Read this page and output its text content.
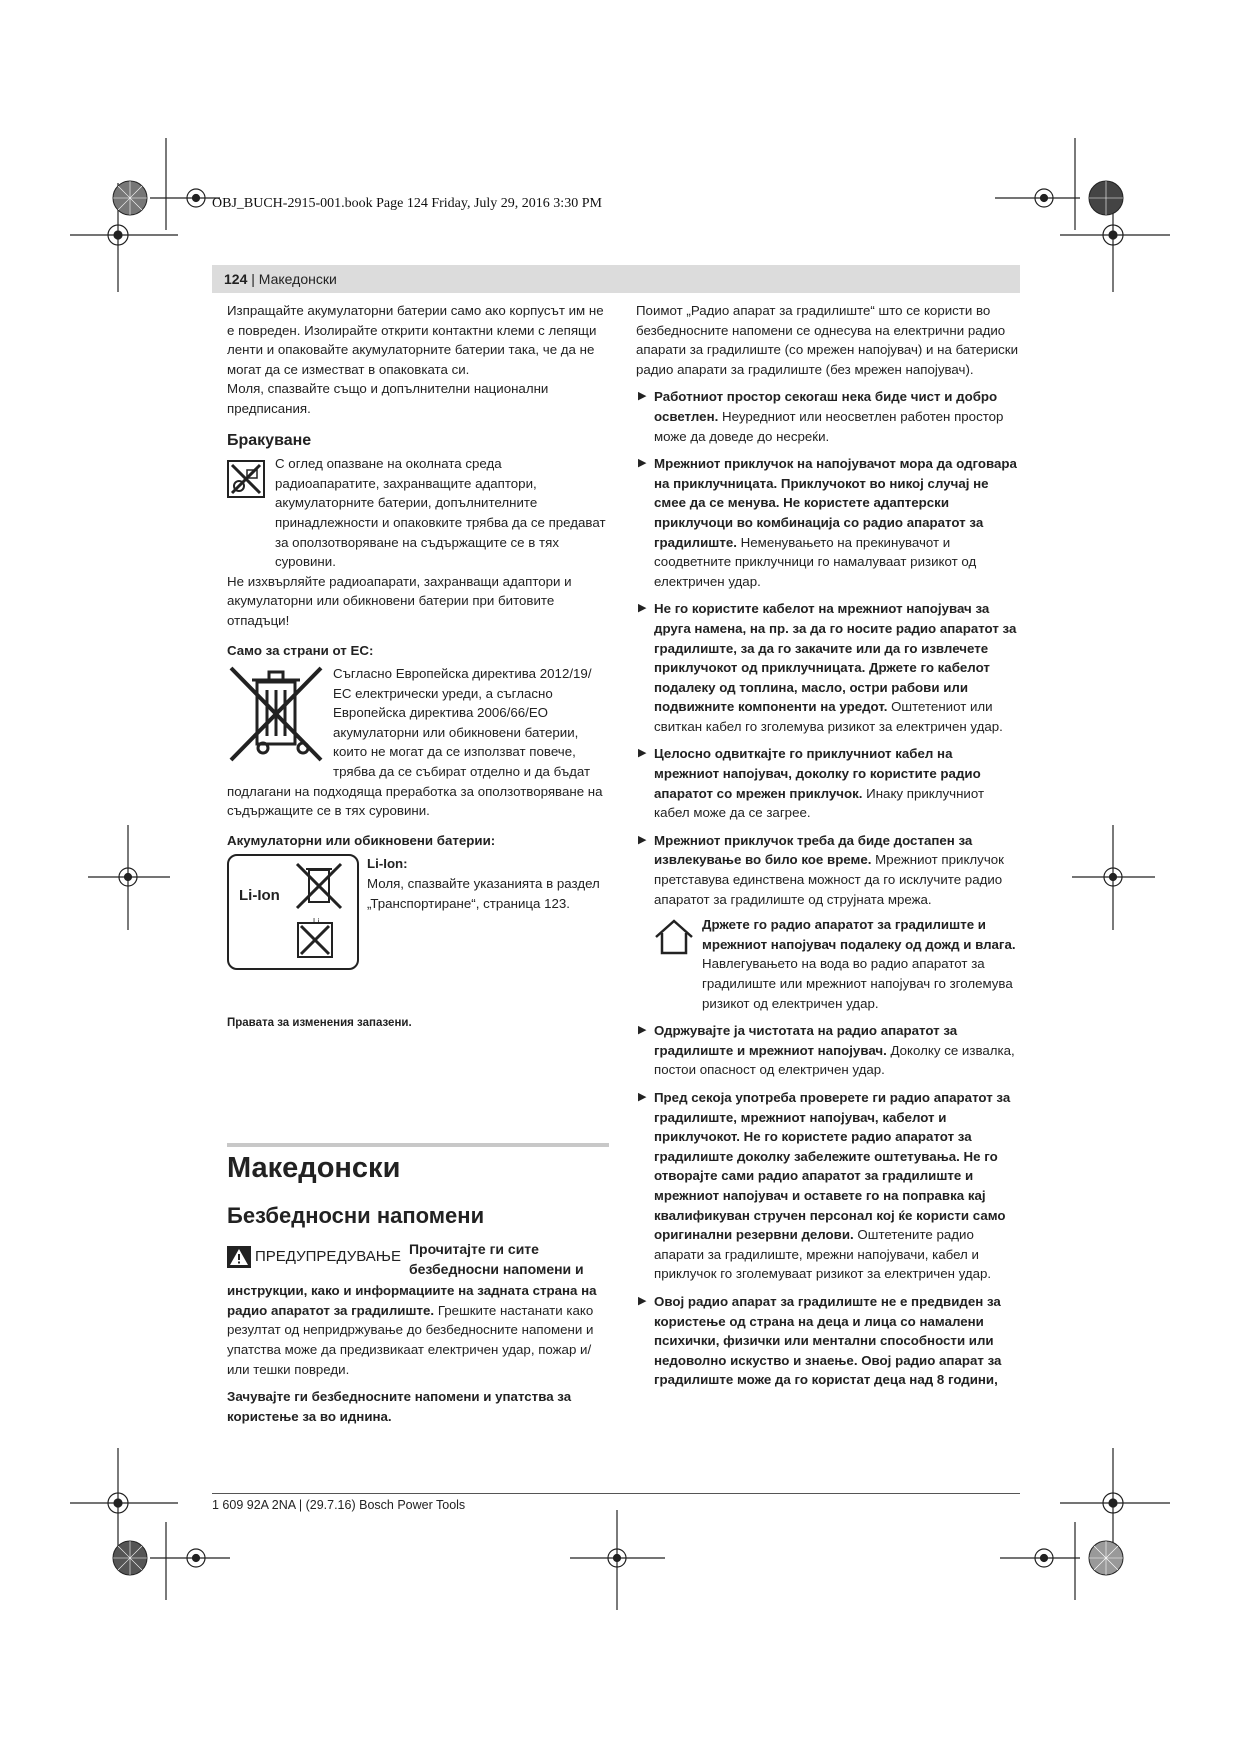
OBJ_BUCH-2915-001.book Page 124 Friday, July 29, 2016 3:30 PM
124 | Македонски

Изпращайте акумулаторни батерии само ако корпусът им не е повреден. Изолирайте открити контактни клеми с лепящи ленти и опаковайте акумулаторните батерии така, че да не могат да се изместват в опаковката си.

Моля, спазвайте също и допълнителни национални предписания.

Бракуване

С оглед опазване на околната среда радиоапаратите, захранващите адаптори, акумулаторните батерии, допълнителните принадлежности и опаковките трябва да се предават за оползотворяване на съдържащите се в тях суровини.

Не изхвърляйте радиоапарати, захранващи адаптори и акумулаторни или обикновени батерии при битовите отпадъци!

Само за страни от ЕС:

Съгласно Европейска директива 2012/19/ЕС електрически уреди, а съгласно Европейска директива 2006/66/ЕО акумулаторни или обикновени батерии, които не могат да се използват повече, трябва да се събират отделно и да бъдат подлагани на подходяща преработка за оползотворяване на съдържащите се в тях суровини.

Акумулаторни или обикновени батерии:
Li-Ion
Li
Li-Ion:

Моля, спазвайте указанията в раздел „Транспортиране“, страница 123.

Правата за изменения запазени.
Македонски
Безбедносни напомени
ПРЕДУПРЕДУВАЊЕ Прочитајте ги сите безбедносни напомени и

инструкции, како и информациите на задната страна на радио апаратот за градилиште. Грешките настанати како резултат од непридржување до безбедносните напомени и упатства може да предизвикаат електричен удар, пожар и/или тешки повреди.

Зачувајте ги безбедносните напомени и упатства за користење за во иднина.

Поимот „Радио апарат за градилиште“ што се користи во безбедносните напомени се однесува на електрични радио апарати за градилиште (со мрежен напојувач) и на батериски радио апарати за градилиште (без мрежен напојувач).

▶ Работниот простор секогаш нека биде чист и добро осветлен. Неуредниот или неосветлен работен простор може да доведе до несреќи.
▶ Мрежниот приклучок на напојувачот мора да одговара на приклучницата. Приклучокот во никој случај не смее да се менува. Не користете адаптерски приклучоци во комбинација со радио апаратот за градилиште. Неменувањето на прекинувачот и соодветните приклучници го намалуваат ризикот од електричен удар.
▶ Не го користите кабелот на мрежниот напојувач за друга намена, на пр. за да го носите радио апаратот за градилиште, за да го закачите или да го извлечете приклучокот од приклучницата. Држете го кабелот подалеку од топлина, масло, остри рабови или подвижните компоненти на уредот. Оштетениот или свиткан кабел го зголемува ризикот за електричен удар.
▶ Целосно одвиткајте го приклучниот кабел на мрежниот напојувач, доколку го користите радио апаратот со мрежен приклучок. Инаку приклучниот кабел може да се загрее.
▶ Мрежниот приклучок треба да биде достапен за извлекување во било кое време. Мрежниот приклучок претставува единствена можност да го исклучите радио апаратот за градилиште од струјната мрежа.

Држете го радио апаратот за градилиште и мрежниот напојувач подалеку од дожд и влага. Навлегувањето на вода во радио апаратот за градилиште или мрежниот напојувач го зголемува ризикот од електричен удар.

▶ Одржувајте ја чистотата на радио апаратот за градилиште и мрежниот напојувач. Доколку се извалка, постои опасност од електричен удар.
▶ Пред секоја употреба проверете ги радио апаратот за градилиште, мрежниот напојувач, кабелот и приклучокот. Не го користете радио апаратот за градилиште доколку забележите оштетувања. Не го отворајте сами радио апаратот за градилиште и мрежниот напојувач и оставете го на поправка кај квалификуван стручен персонал кој ќе користи само оригинални резервни делови. Оштетените радио апарати за градилиште, мрежни напојувачи, кабел и приклучок го зголемуваат ризикот за електричен удар.
▶ Овој радио апарат за градилиште не е предвиден за користење од страна на деца и лица со намалени психички, физички или ментални способности или недоволно искуство и знаење. Овој радио апарат за градилиште може да го користат деца над 8 години,
1 609 92A 2NA | (29.7.16) Bosch Power Tools
